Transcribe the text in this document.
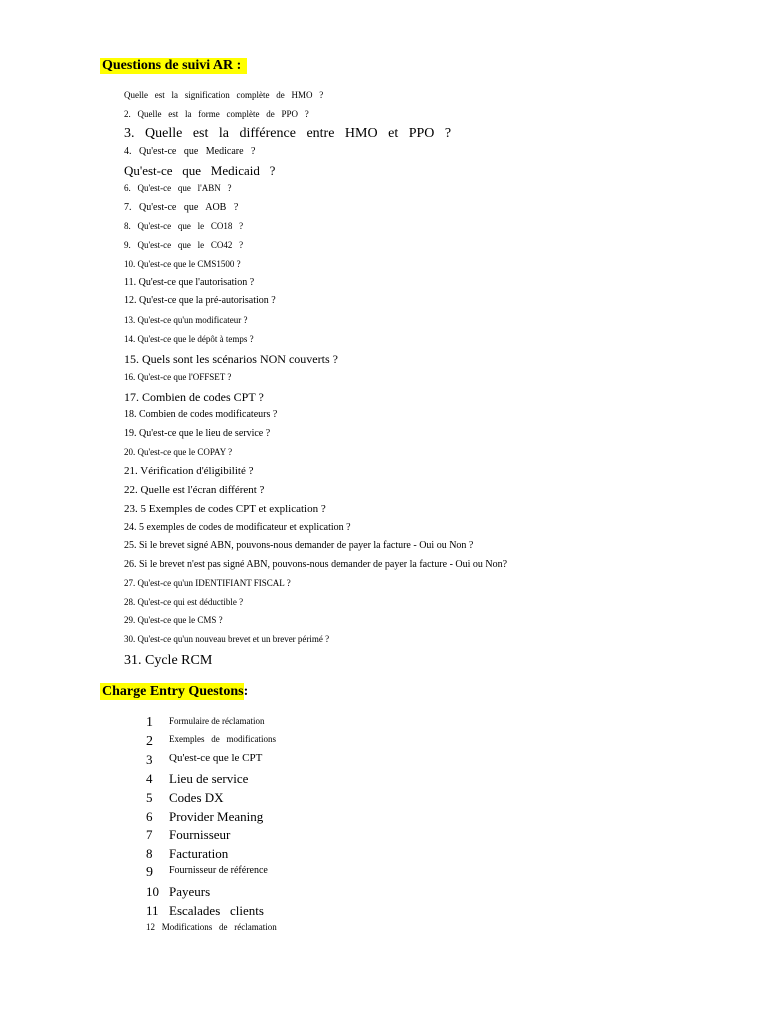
Questions de suivi AR :
Quelle   est   la   signification   complète   de   HMO   ?
2.   Quelle   est   la   forme   complète   de   PPO   ?
3.   Quelle   est   la   différence   entre   HMO   et   PPO   ?
4.   Qu'est-ce   que   Medicare   ?
Qu'est-ce   que   Medicaid   ?
6.   Qu'est-ce   que   l'ABN   ?
7.   Qu'est-ce   que   AOB   ?
8.   Qu'est-ce   que   le   CO18   ?
9.   Qu'est-ce   que   le   CO42   ?
10. Qu'est-ce que le CMS1500 ?
11. Qu'est-ce que l'autorisation ?
12. Qu'est-ce que la pré-autorisation ?
13. Qu'est-ce qu'un modificateur ?
14. Qu'est-ce que le dépôt à temps ?
15. Quels sont les scénarios NON couverts ?
16. Qu'est-ce que l'OFFSET ?
17. Combien de codes CPT ?
18. Combien de codes modificateurs ?
19. Qu'est-ce que le lieu de service ?
20. Qu'est-ce que le COPAY ?
21. Vérification d'éligibilité ?
22. Quelle est l'écran différent ?
23. 5 Exemples de codes CPT et explication ?
24. 5 exemples de codes de modificateur et explication ?
25. Si le brevet signé ABN, pouvons-nous demander de payer la facture - Oui ou Non ?
26. Si le brevet n'est pas signé ABN, pouvons-nous demander de payer la facture - Oui ou Non?
27. Qu'est-ce qu'un IDENTIFIANT FISCAL ?
28. Qu'est-ce qui est déductible ?
29. Qu'est-ce que le CMS ?
30. Qu'est-ce qu'un nouveau brevet et un brever périmé ?
31. Cycle RCM
Charge Entry Questons:
1 Formulaire de réclamation
2 Exemples   de   modifications
3 Qu'est-ce que le CPT
4 Lieu de service
5 Codes DX
6 Provider Meaning
7 Fournisseur
8 Facturation
9 Fournisseur de référence
10 Payeurs
11 Escalades   clients
12   Modifications   de   réclamation
